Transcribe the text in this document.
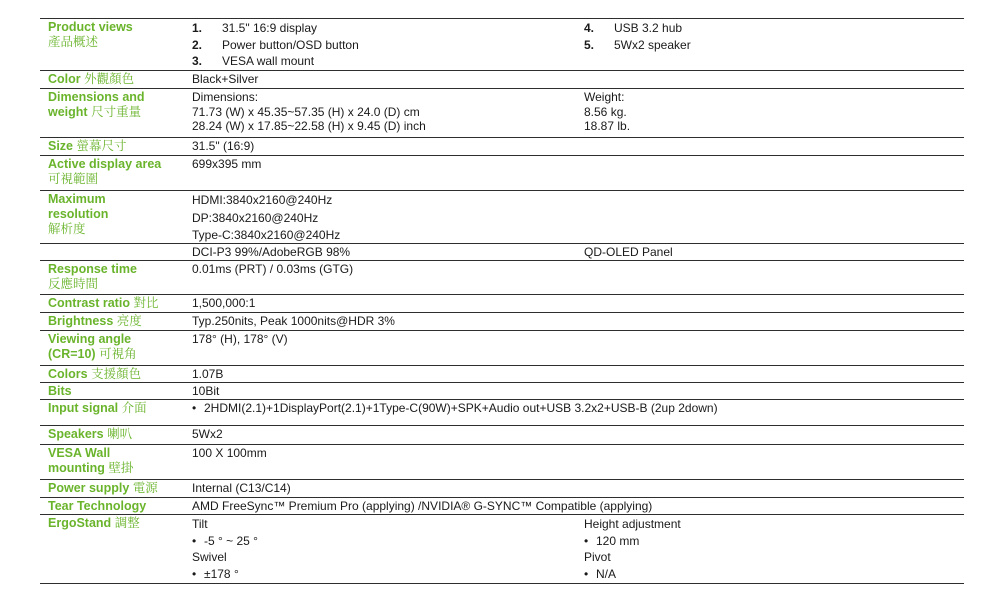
Product views
產品概述
1. 31.5" 16:9 display
2. Power button/OSD button
3. VESA wall mount
4. USB 3.2 hub
5. 5Wx2 speaker
Color 外觀顏色	Black+Silver
Dimensions and weight 尺寸重量
Dimensions:
71.73 (W) x 45.35~57.35 (H) x 24.0 (D) cm
28.24 (W) x 17.85~22.58 (H) x 9.45 (D) inch
Weight:
8.56 kg.
18.87 lb.
Size 螢幕尺寸	31.5" (16:9)
Active display area
可視範圍
699x395 mm
Maximum resolution
解析度
HDMI:3840x2160@240Hz
DP:3840x2160@240Hz
Type-C:3840x2160@240Hz
DCI-P3 99%/AdobeRGB 98%	QD-OLED Panel
Response time
反應時間
0.01ms (PRT) / 0.03ms (GTG)
Contrast ratio 對比	1,500,000:1
Brightness 亮度	Typ.250nits, Peak 1000nits@HDR 3%
Viewing angle (CR=10) 可視角
178° (H), 178° (V)
Colors 支援顏色	1.07B
Bits	10Bit
Input signal 介面
•	2HDMI(2.1)+1DisplayPort(2.1)+1Type-C(90W)+SPK+Audio out+USB 3.2x2+USB-B (2up 2down)
Speakers 喇叭	5Wx2
VESA Wall mounting 壁掛
100 X 100mm
Power supply 電源	Internal (C13/C14)
Tear Technology	AMD FreeSync™ Premium Pro (applying) /NVIDIA® G-SYNC™ Compatible (applying)
ErgoStand 調整	Tilt
• -5 ° ~ 25 °
Swivel
• ±178 °
Height adjustment
• 120 mm
Pivot
• N/A
